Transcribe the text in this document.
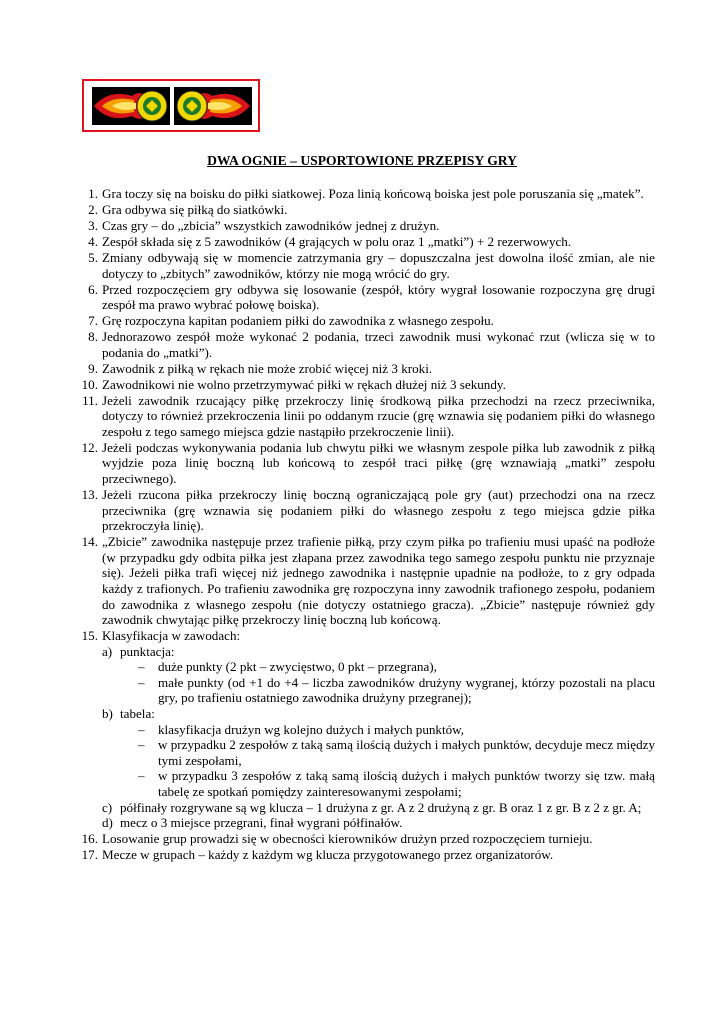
DWA OGNIE – USPORTOWIONE PRZEPISY GRY
1. Gra toczy się na boisku do piłki siatkowej. Poza linią końcową boiska jest pole poruszania się „matek”.
2. Gra odbywa się piłką do siatkówki.
3. Czas gry – do „zbicia” wszystkich zawodników jednej z drużyn.
4. Zespół składa się z 5 zawodników (4 grających w polu oraz 1 „matki”) + 2 rezerwowych.
5. Zmiany odbywają się w momencie zatrzymania gry – dopuszczalna jest dowolna ilość zmian, ale nie dotyczy to „zbitych” zawodników, którzy nie mogą wrócić do gry.
6. Przed rozpoczęciem gry odbywa się losowanie (zespół, który wygrał losowanie rozpoczyna grę drugi zespół ma prawo wybrać połowę boiska).
7. Grę rozpoczyna kapitan podaniem piłki do zawodnika z własnego zespołu.
8. Jednorazowo zespół może wykonać 2 podania, trzeci zawodnik musi wykonać rzut (wlicza się w to podania do „matki”).
9. Zawodnik z piłką w rękach nie może zrobić więcej niż 3 kroki.
10. Zawodnikowi nie wolno przetrzymywać piłki w rękach dłużej niż 3 sekundy.
11. Jeżeli zawodnik rzucający piłkę przekroczy linię środkową piłka przechodzi na rzecz przeciwnika, dotyczy to również przekroczenia linii po oddanym rzucie (grę wznawia się podaniem piłki do własnego zespołu z tego samego miejsca gdzie nastąpiło przekroczenie linii).
12. Jeżeli podczas wykonywania podania lub chwytu piłki we własnym zespole piłka lub zawodnik z piłką wyjdzie poza linię boczną lub końcową to zespół traci piłkę (grę wznawiają „matki” zespołu przeciwnego).
13. Jeżeli rzucona piłka przekroczy linię boczną ograniczającą pole gry (aut) przechodzi ona na rzecz przeciwnika (grę wznawia się podaniem piłki do własnego zespołu z tego miejsca gdzie piłka przekroczyła linię).
14. „Zbicie” zawodnika następuje przez trafienie piłką, przy czym piłka po trafieniu musi upaść na podłoże (w przypadku gdy odbita piłka jest złapana przez zawodnika tego samego zespołu punktu nie przyznaje się). Jeżeli piłka trafi więcej niż jednego zawodnika i następnie upadnie na podłoże, to z gry odpada każdy z trafionych. Po trafieniu zawodnika grę rozpoczyna inny zawodnik trafionego zespołu, podaniem do zawodnika z własnego zespołu (nie dotyczy ostatniego gracza). „Zbicie” następuje również gdy zawodnik chwytając piłkę przekroczy linię boczną lub końcową.
15. Klasyfikacja w zawodach:
a) punktacja:
– duże punkty (2 pkt – zwycięstwo, 0 pkt – przegrana),
– małe punkty (od +1 do +4 – liczba zawodników drużyny wygranej, którzy pozostali na placu gry, po trafieniu ostatniego zawodnika drużyny przegranej);
b) tabela:
– klasyfikacja drużyn wg kolejno dużych i małych punktów,
– w przypadku 2 zespołów z taką samą ilością dużych i małych punktów, decyduje mecz między tymi zespołami,
– w przypadku 3 zespołów z taką samą ilością dużych i małych punktów tworzy się tzw. małą tabelę ze spotkań pomiędzy zainteresowanymi zespołami;
c) półfinały rozgrywane są wg klucza – 1 drużyna z gr. A z 2 drużyną z gr. B oraz 1 z gr. B z 2 z gr. A;
d) mecz o 3 miejsce przegrani, finał wygrani półfinałów.
16. Losowanie grup prowadzi się w obecności kierowników drużyn przed rozpoczęciem turnieju.
17. Mecze w grupach – każdy z każdym wg klucza przygotowanego przez organizatorów.
